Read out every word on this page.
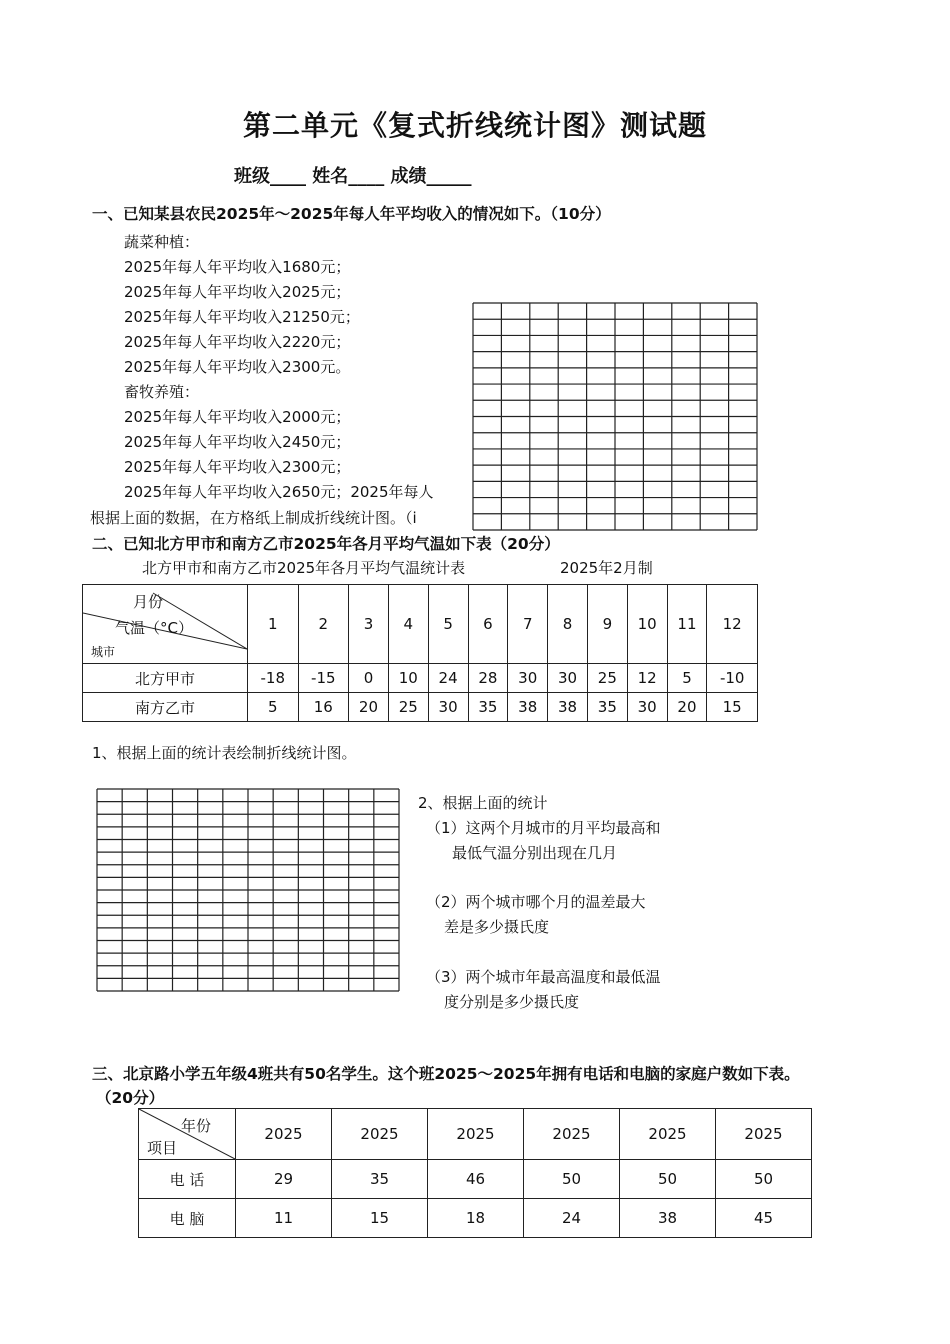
第二单元《复式折线统计图》测试题
班级____ 姓名____ 成绩_____
一、已知某县农民2025年～2025年每人年平均收入的情况如下。（10分）
蔬菜种植：
2025年每人年平均收入1680元；
2025年每人年平均收入2025元；
2025年每人年平均收入21250元；
2025年每人年平均收入2220元；
2025年每人年平均收入2300元。
畜牧养殖：
2025年每人年平均收入2000元；
2025年每人年平均收入2450元；
2025年每人年平均收入2300元；
2025年每人年平均收入2650元；2025年每人
根据上面的数据，在方格纸上制成折线统计图。（i
二、已知北方甲市和南方乙市2025年各月平均气温如下表（20分）
北方甲市和南方乙市2025年各月平均气温统计表	2025年2月制
月份
气温（°C）
城市	1	2	3	4	5	6	7	8	9	10	11	12
北方甲市	-18	-15	0	10	24	28	30	30	25	12	5	-10
南方乙市	5	16	20	25	30	35	38	38	35	30	20	15
1、根据上面的统计表绘制折线统计图。
2、根据上面的统计
（1）这两个月城市的月平均最高和
最低气温分别出现在几月
（2）两个城市哪个月的温差最大
差是多少摄氏度
（3）两个城市年最高温度和最低温
度分别是多少摄氏度
三、北京路小学五年级4班共有50名学生。这个班2025～2025年拥有电话和电脑的家庭户数如下表。
（20分）
年份
项目	2025	2025	2025	2025	2025	2025
电 话	29	35	46	50	50	50
电 脑	11	15	18	24	38	45
